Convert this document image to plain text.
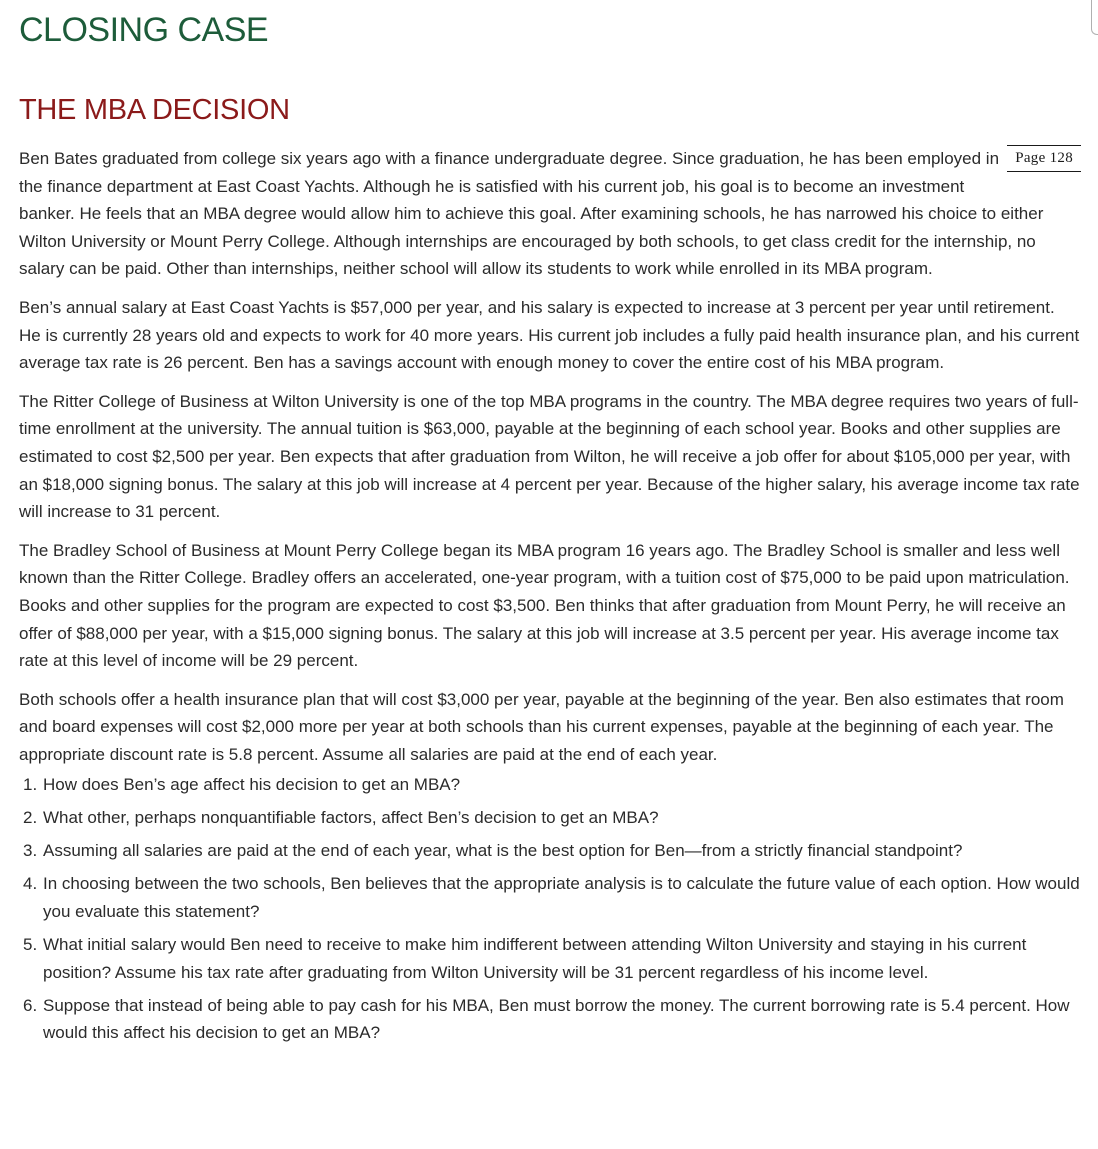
CLOSING CASE
THE MBA DECISION

Page 128
Ben Bates graduated from college six years ago with a finance undergraduate degree. Since graduation, he has been employed in the finance department at East Coast Yachts. Although he is satisfied with his current job, his goal is to become an investment banker. He feels that an MBA degree would allow him to achieve this goal. After examining schools, he has narrowed his choice to either Wilton University or Mount Perry College. Although internships are encouraged by both schools, to get class credit for the internship, no salary can be paid. Other than internships, neither school will allow its students to work while enrolled in its MBA program.

Ben’s annual salary at East Coast Yachts is $57,000 per year, and his salary is expected to increase at 3 percent per year until retirement. He is currently 28 years old and expects to work for 40 more years. His current job includes a fully paid health insurance plan, and his current average tax rate is 26 percent. Ben has a savings account with enough money to cover the entire cost of his MBA program.

The Ritter College of Business at Wilton University is one of the top MBA programs in the country. The MBA degree requires two years of full-time enrollment at the university. The annual tuition is $63,000, payable at the beginning of each school year. Books and other supplies are estimated to cost $2,500 per year. Ben expects that after graduation from Wilton, he will receive a job offer for about $105,000 per year, with an $18,000 signing bonus. The salary at this job will increase at 4 percent per year. Because of the higher salary, his average income tax rate will increase to 31 percent.

The Bradley School of Business at Mount Perry College began its MBA program 16 years ago. The Bradley School is smaller and less well known than the Ritter College. Bradley offers an accelerated, one-year program, with a tuition cost of $75,000 to be paid upon matriculation. Books and other supplies for the program are expected to cost $3,500. Ben thinks that after graduation from Mount Perry, he will receive an offer of $88,000 per year, with a $15,000 signing bonus. The salary at this job will increase at 3.5 percent per year. His average income tax rate at this level of income will be 29 percent.

Both schools offer a health insurance plan that will cost $3,000 per year, payable at the beginning of the year. Ben also estimates that room and board expenses will cost $2,000 more per year at both schools than his current expenses, payable at the beginning of each year. The appropriate discount rate is 5.8 percent. Assume all salaries are paid at the end of each year.

1. How does Ben’s age affect his decision to get an MBA?
2. What other, perhaps nonquantifiable factors, affect Ben’s decision to get an MBA?
3. Assuming all salaries are paid at the end of each year, what is the best option for Ben—from a strictly financial standpoint?
4. In choosing between the two schools, Ben believes that the appropriate analysis is to calculate the future value of each option. How would you evaluate this statement?
5. What initial salary would Ben need to receive to make him indifferent between attending Wilton University and staying in his current position? Assume his tax rate after graduating from Wilton University will be 31 percent regardless of his income level.
6. Suppose that instead of being able to pay cash for his MBA, Ben must borrow the money. The current borrowing rate is 5.4 percent. How would this affect his decision to get an MBA?
